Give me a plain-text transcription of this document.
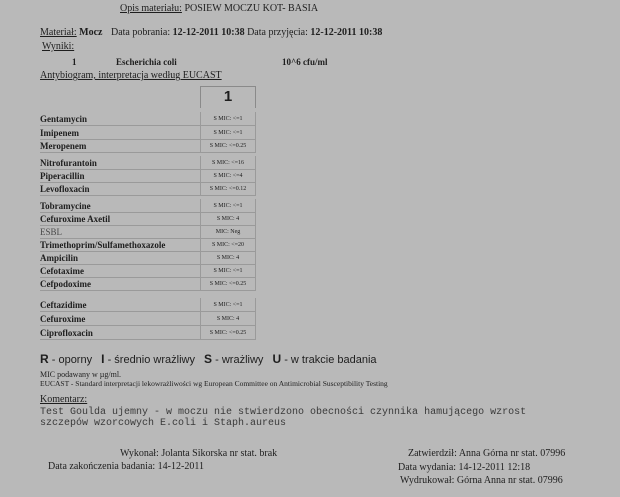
Opis materiału: POSIEW MOCZU KOT- BASIA
Materiał: Mocz Data pobrania: 12-12-2011 10:38 Data przyjęcia: 12-12-2011 10:38
Wyniki:
1	Escherichia coli	10^6 cfu/ml
Antybiogram, interpretacja według EUCAST
1
Gentamycin	S MIC: <=1
Imipenem	S MIC: <=1
Meropenem	S MIC: <=0.25
Nitrofurantoin	S MIC: <=16
Piperacillin	S MIC: <=4
Levofloxacin	S MIC: <=0.12
Tobramycine	S MIC: <=1
Cefuroxime Axetil	S MIC: 4
ESBL	MIC: Neg
Trimethoprim/Sulfamethoxazole	S MIC: <=20
Ampicilin	S MIC: 4
Cefotaxime	S MIC: <=1
Cefpodoxime	S MIC: <=0.25
Ceftazidime	S MIC: <=1
Cefuroxime	S MIC: 4
Ciprofloxacin	S MIC: <=0.25
R - oporny I - średnio wrażliwy S - wrażliwy U - w trakcie badania
MIC podawany w µg/ml.
EUCAST - Standard interpretacji lekowrażliwości wg European Committee on Antimicrobial Susceptibility Testing
Komentarz:
Test Goulda ujemny - w moczu nie stwierdzono obecności czynnika hamującego wzrost
szczepów wzorcowych E.coli i Staph.aureus
Wykonał: Jolanta Sikorska nr stat. brak
Data zakończenia badania: 14-12-2011
Zatwierdził: Anna Górna nr stat. 07996
Data wydania: 14-12-2011 12:18
Wydrukował: Górna Anna nr stat. 07996
